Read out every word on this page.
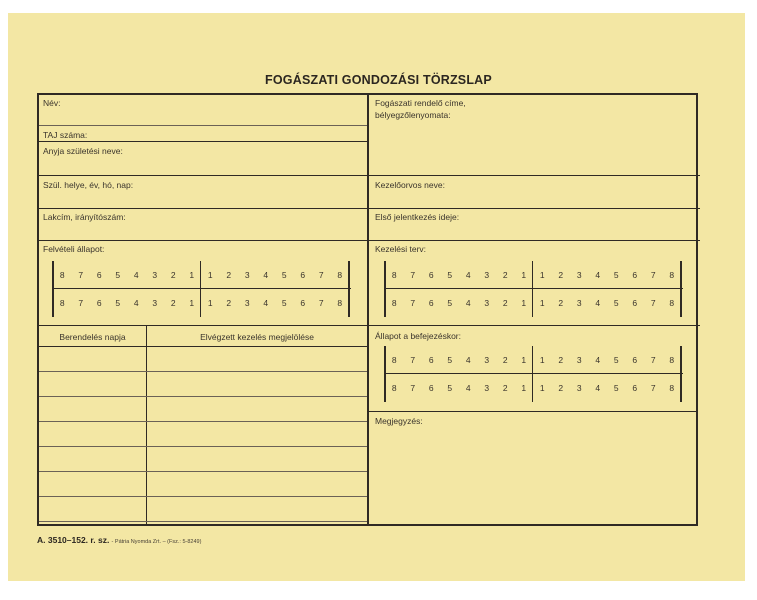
FOGÁSZATI GONDOZÁSI TÖRZSLAP
Név:
TAJ száma:
Anyja születési neve:
Szül. helye, év, hó, nap:
Lakcím, irányítószám:
Felvételi állapot:
Fogászati rendelő címe,
bélyegzőlenyomata:
Kezelőorvos neve:
Első jelentkezés ideje:
Kezelési terv:
Állapot a befejezéskor:
Megjegyzés:
8	7	6	5	4	3	2	1	1	2	3	4	5	6	7	8
8	7	6	5	4	3	2	1	1	2	3	4	5	6	7	8
8	7	6	5	4	3	2	1	1	2	3	4	5	6	7	8
8	7	6	5	4	3	2	1	1	2	3	4	5	6	7	8
8	7	6	5	4	3	2	1	1	2	3	4	5	6	7	8
8	7	6	5	4	3	2	1	1	2	3	4	5	6	7	8
Berendelés napja	Elvégzett kezelés megjelölése
A. 3510–152. r. sz. - Pátria Nyomda Zrt. – (Fsz.: 5-8249)
